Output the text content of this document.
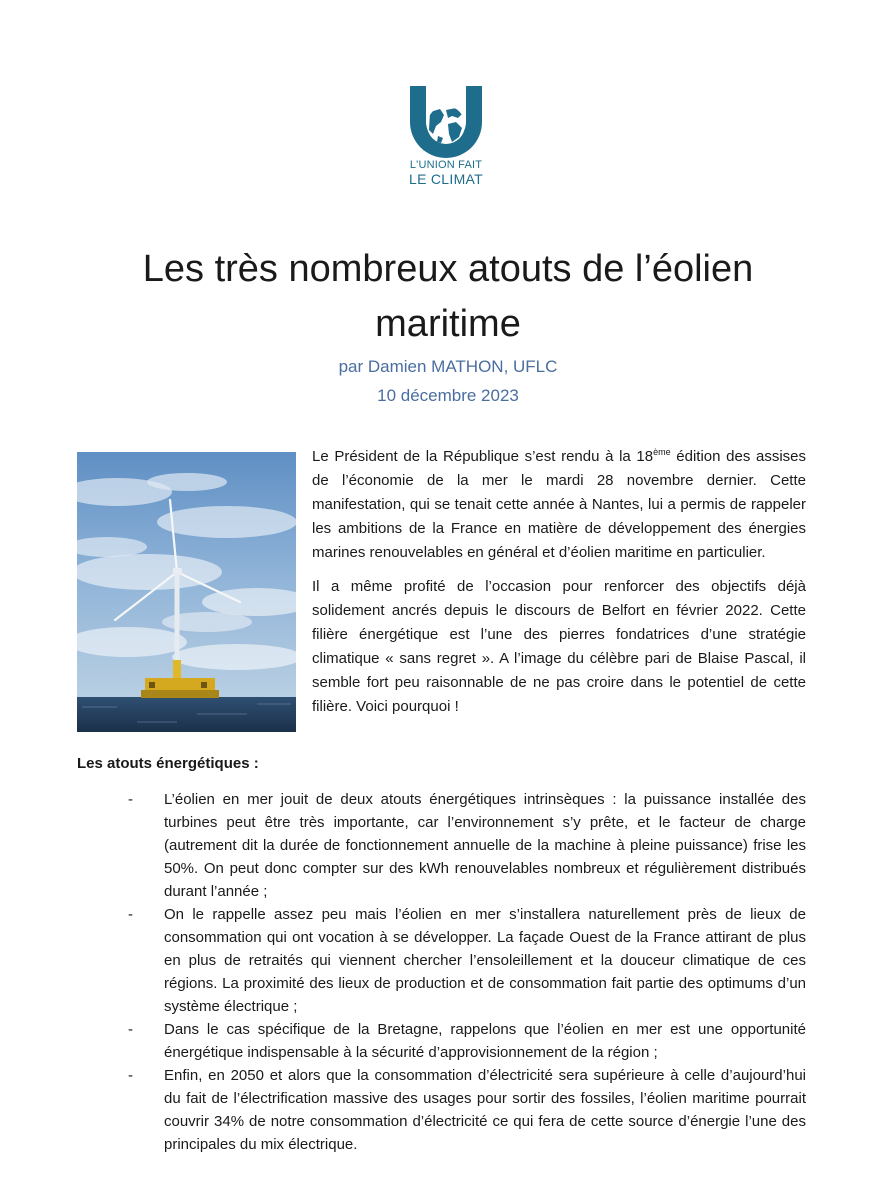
L'UNION FAIT
LE CLIMAT
Les très nombreux atouts de l’éolien
maritime
par Damien MATHON, UFLC
10 décembre 2023

Le Président de la République s’est rendu à la 18ème édition des assises de l’économie de la mer le mardi 28 novembre dernier. Cette manifestation, qui se tenait cette année à Nantes, lui a permis de rappeler les ambitions de la France en matière de développement des énergies marines renouvelables en général et d’éolien maritime en particulier.

Il a même profité de l’occasion pour renforcer des objectifs déjà solidement ancrés depuis le discours de Belfort en février 2022. Cette filière énergétique est l’une des pierres fondatrices d’une stratégie climatique « sans regret ». A l’image du célèbre pari de Blaise Pascal, il semble fort peu raisonnable de ne pas croire dans le potentiel de cette filière. Voici pourquoi !

Les atouts énergétiques :
- L’éolien en mer jouit de deux atouts énergétiques intrinsèques : la puissance installée des turbines peut être très importante, car l’environnement s’y prête, et le facteur de charge (autrement dit la durée de fonctionnement annuelle de la machine à pleine puissance) frise les 50%. On peut donc compter sur des kWh renouvelables nombreux et régulièrement distribués durant l’année ;
- On le rappelle assez peu mais l’éolien en mer s’installera naturellement près de lieux de consommation qui ont vocation à se développer. La façade Ouest de la France attirant de plus en plus de retraités qui viennent chercher l’ensoleillement et la douceur climatique de ces régions. La proximité des lieux de production et de consommation fait partie des optimums d’un système électrique ;
- Dans le cas spécifique de la Bretagne, rappelons que l’éolien en mer est une opportunité énergétique indispensable à la sécurité d’approvisionnement de la région ;
- Enfin, en 2050 et alors que la consommation d’électricité sera supérieure à celle d’aujourd’hui du fait de l’électrification massive des usages pour sortir des fossiles, l’éolien maritime pourrait couvrir 34% de notre consommation d’électricité ce qui fera de cette source d’énergie l’une des principales du mix électrique.
